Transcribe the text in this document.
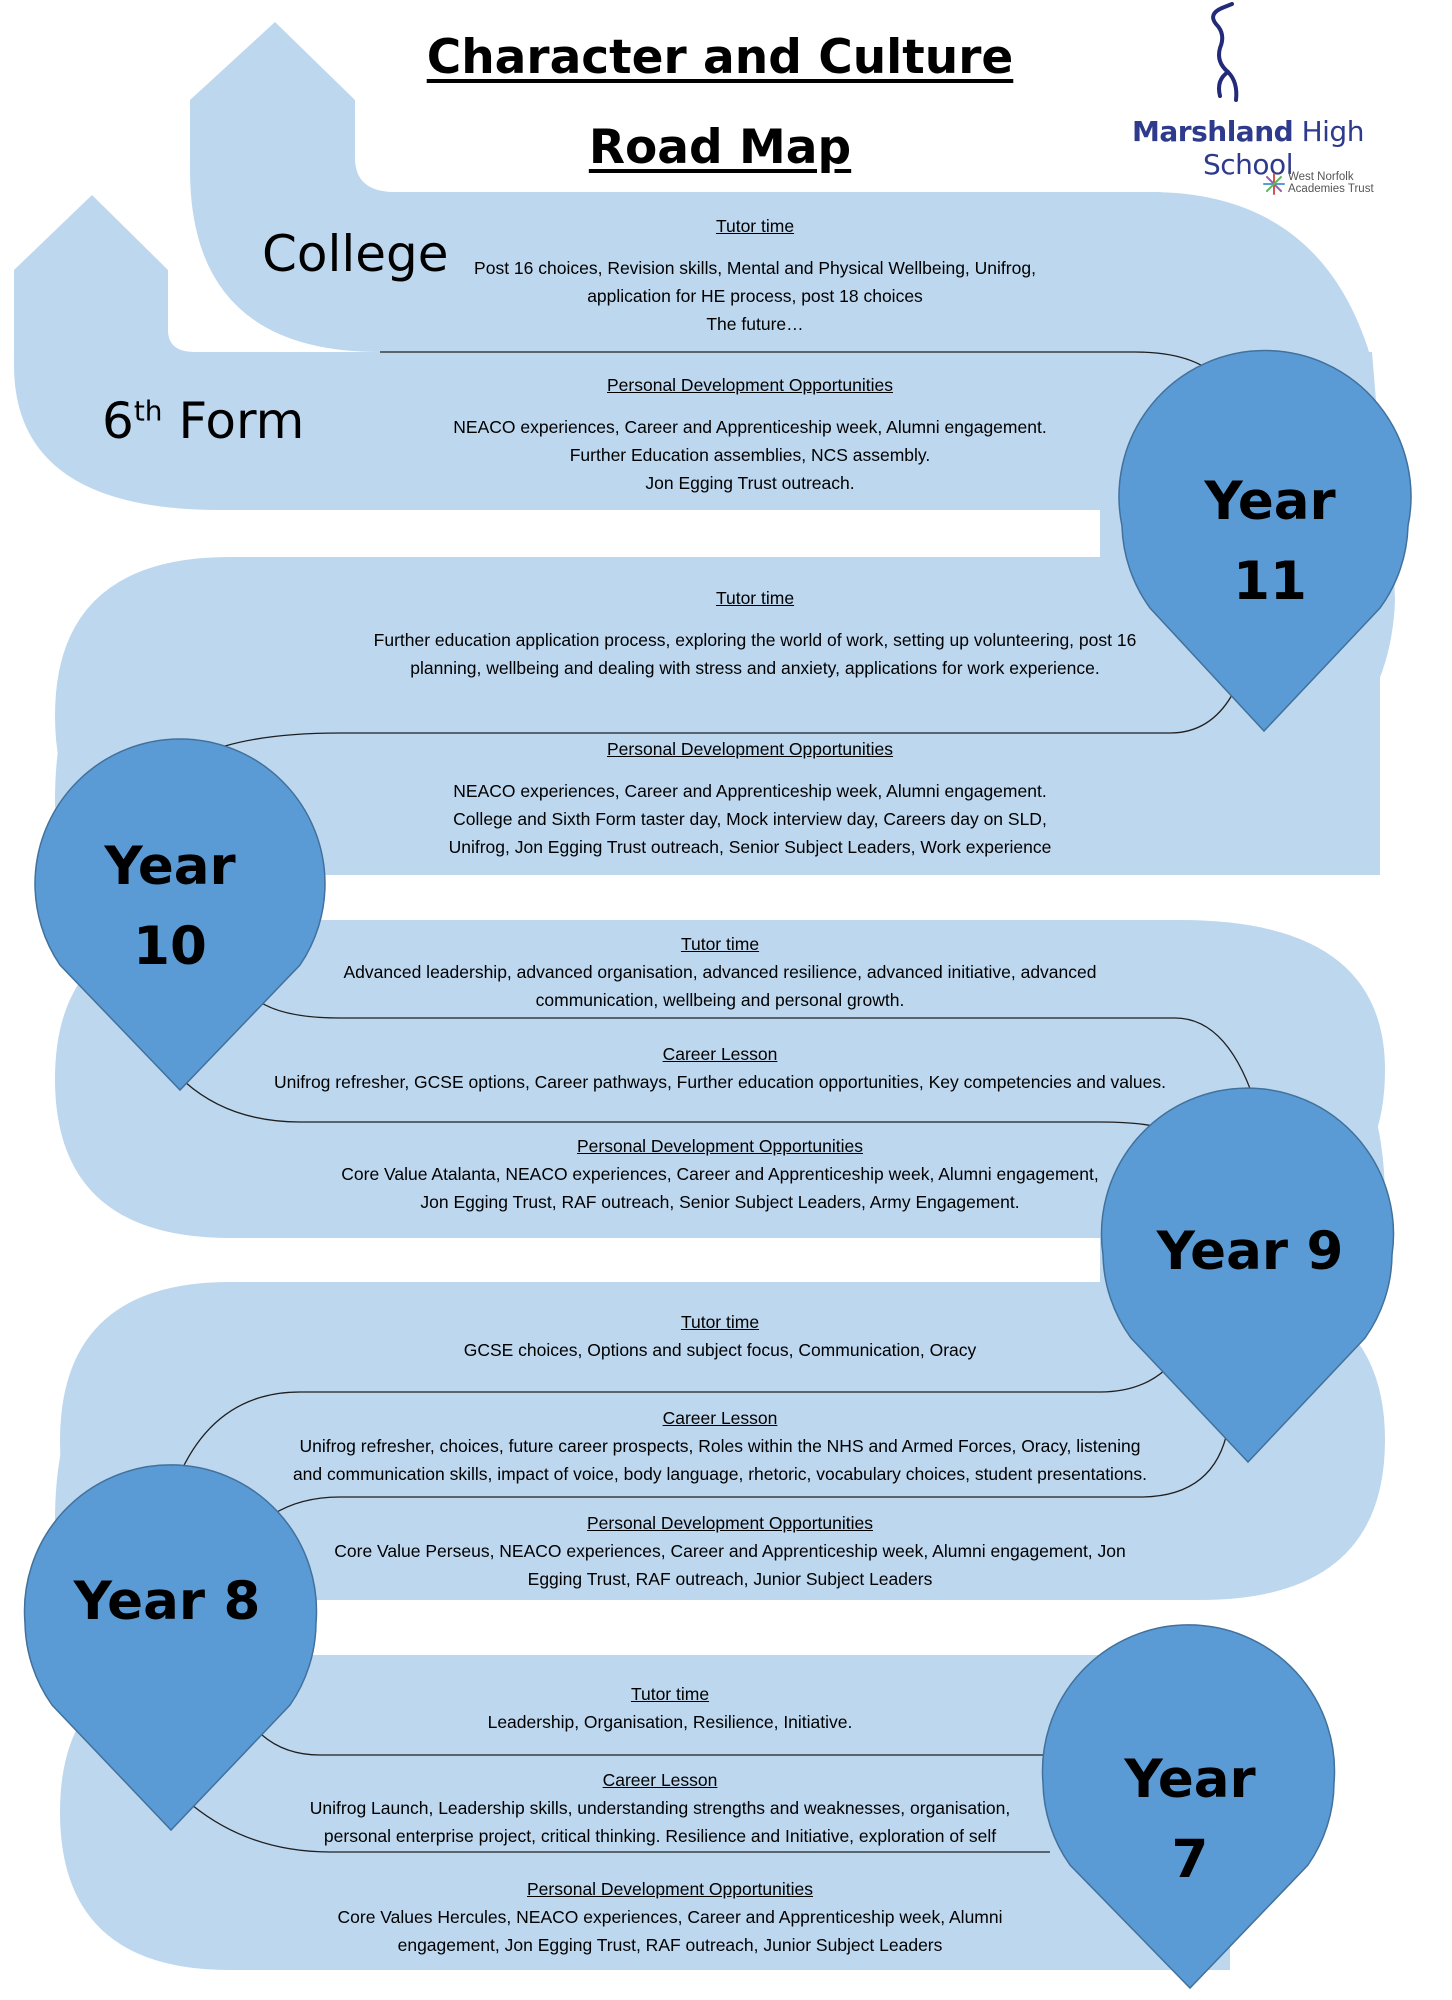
Marshland High School
West Norfolk
Academies Trust
Character and Culture
Road Map
College
6th Form
Year 11
Year
10
Year 9
Year 8
Year
7
Tutor time
Post 16 choices, Revision skills, Mental and Physical Wellbeing, Unifrog,
application for HE process, post 18 choices
The future…
Personal Development Opportunities
NEACO experiences, Career and Apprenticeship week, Alumni engagement.
Further Education assemblies, NCS assembly.
Jon Egging Trust outreach.
Tutor time
Further education application process, exploring the world of work, setting up volunteering, post 16
planning, wellbeing and dealing with stress and anxiety, applications for work experience.
Personal Development Opportunities
NEACO experiences, Career and Apprenticeship week, Alumni engagement.
College and Sixth Form taster day, Mock interview day, Careers day on SLD,
Unifrog, Jon Egging Trust outreach, Senior Subject Leaders, Work experience
Tutor time
Advanced leadership, advanced organisation, advanced resilience, advanced initiative, advanced
communication, wellbeing and personal growth.
Career Lesson
Unifrog refresher, GCSE options, Career pathways, Further education opportunities, Key competencies and values.
Personal Development Opportunities
Core Value Atalanta, NEACO experiences, Career and Apprenticeship week, Alumni engagement,
Jon Egging Trust, RAF outreach, Senior Subject Leaders, Army Engagement.
Tutor time
GCSE choices, Options and subject focus, Communication, Oracy
Career Lesson
Unifrog refresher, choices, future career prospects, Roles within the NHS and Armed Forces, Oracy, listening
and communication skills, impact of voice, body language, rhetoric, vocabulary choices, student presentations.
Personal Development Opportunities
Core Value Perseus, NEACO experiences, Career and Apprenticeship week, Alumni engagement, Jon
Egging Trust, RAF outreach, Junior Subject Leaders
Tutor time
Leadership, Organisation, Resilience, Initiative.
Career Lesson
Unifrog Launch, Leadership skills, understanding strengths and weaknesses, organisation,
personal enterprise project, critical thinking. Resilience and Initiative, exploration of self
Personal Development Opportunities
Core Values Hercules, NEACO experiences, Career and Apprenticeship week, Alumni
engagement, Jon Egging Trust, RAF outreach, Junior Subject Leaders
